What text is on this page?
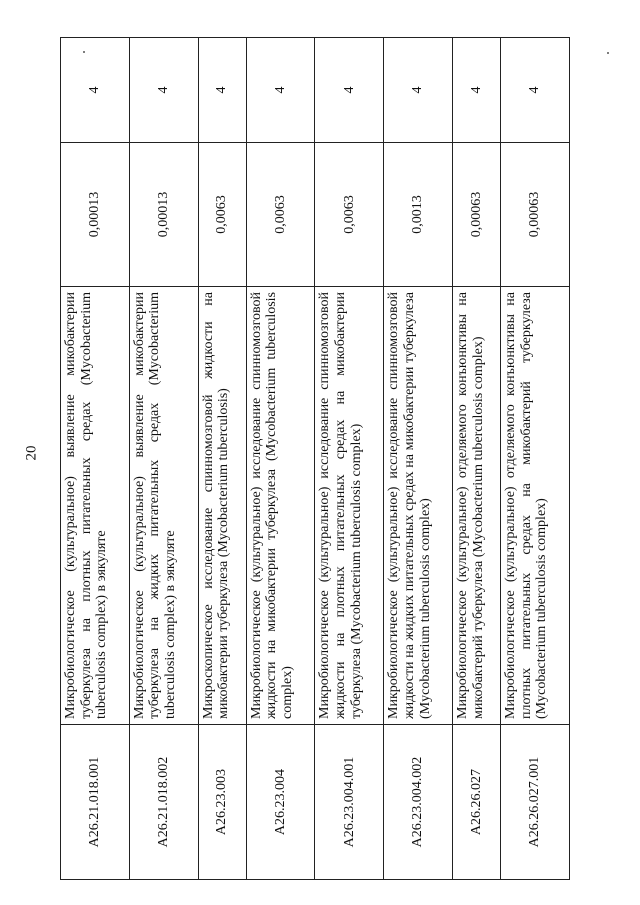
20
A26.21.018.001	Микробиологическое (культуральное) выявление микобактерии туберкулеза на плотных питательных средах (Mycobacterium tuberculosis complex) в эякуляте	0,00013	4
A26.21.018.002	Микробиологическое (культуральное) выявление микобактерии туберкулеза на жидких питательных средах (Mycobacterium tuberculosis complex) в эякуляте	0,00013	4
A26.23.003	Микроскопическое исследование спинномозговой жидкости на микобактерии туберкулеза (Mycobacterium tuberculosis)	0,0063	4
A26.23.004	Микробиологическое (культуральное) исследование спинномозговой жидкости на микобактерии туберкулеза (Mycobacterium tuberculosis complex)	0,0063	4
A26.23.004.001	Микробиологическое (культуральное) исследование спинномозговой жидкости на плотных питательных средах на микобактерии туберкулеза (Mycobacterium tuberculosis complex)	0,0063	4
A26.23.004.002	Микробиологическое (культуральное) исследование спинномозговой жидкости на жидких питательных средах на микобактерии туберкулеза (Mycobacterium tuberculosis complex)	0,0013	4
A26.26.027	Микробиологическое (культуральное) отделяемого конъюнктивы на микобактерий туберкулеза (Mycobacterium tuberculosis complex)	0,00063	4
A26.26.027.001	Микробиологическое (культуральное) отделяемого конъюнктивы на плотных питательных средах на микобактерий туберкулеза (Mycobacterium tuberculosis complex)	0,00063	4
